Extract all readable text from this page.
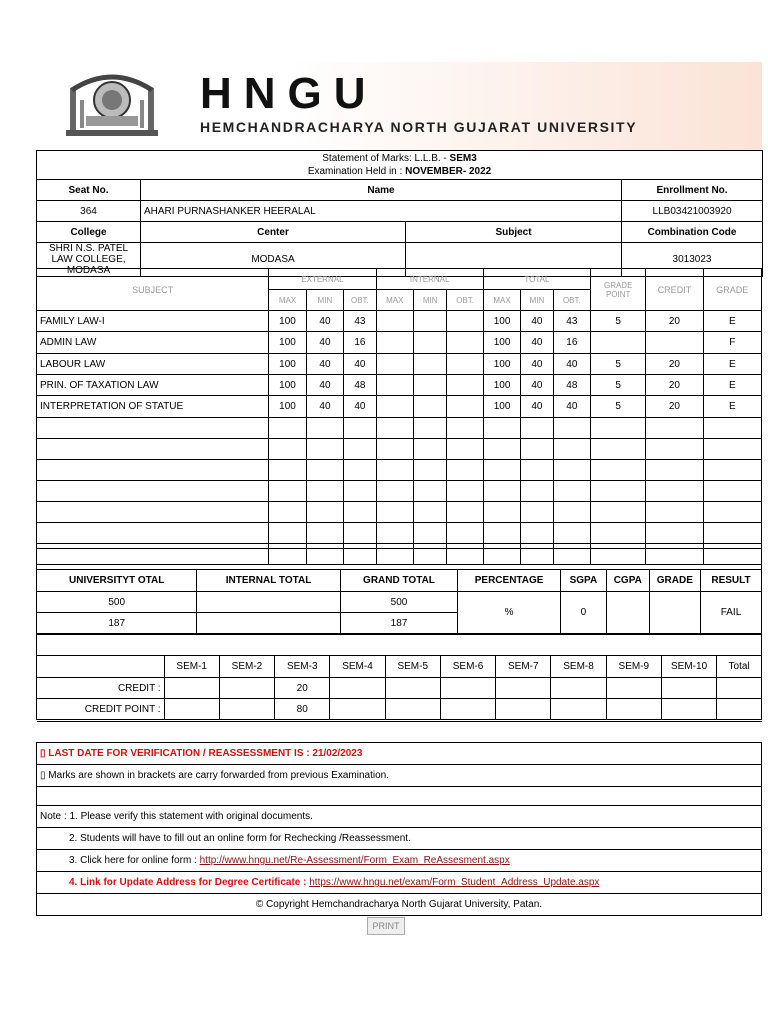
HNGU
HEMCHANDRACHARYA NORTH GUJARAT UNIVERSITY
Statement of Marks: L.L.B. - SEM3
Examination Held in : NOVEMBER- 2022			
Seat No.	Name		Enrollment No.
364	AHARI PURNASHANKER HEERALAL		LLB03421003920
College	Center	Subject	Combination Code
SHRI N.S. PATEL LAW COLLEGE, MODASA	MODASA		3013023
SUBJECT	EXTERNAL			INTERNAL			TOTAL			GRADE POINT	CREDIT	GRADE
	MAX	MIN	OBT.	MAX	MIN	OBT.	MAX	MIN	OBT.			
FAMILY LAW-I	100	40	43				100	40	43	5	20	E
ADMIN LAW	100	40	16				100	40	16			F
LABOUR LAW	100	40	40				100	40	40	5	20	E
PRIN. OF TAXATION LAW	100	40	48				100	40	48	5	20	E
INTERPRETATION OF STATUE	100	40	40				100	40	40	5	20	E

UNIVERSITYT OTAL	INTERNAL TOTAL	GRAND TOTAL	PERCENTAGE	SGPA	CGPA	GRADE	RESULT
500		500	%	0			FAIL
187		187					
	SEM-1	SEM-2	SEM-3	SEM-4	SEM-5	SEM-6	SEM-7	SEM-8	SEM-9	SEM-10	Total
CREDIT :			20								
CREDIT POINT :			80								

▯ LAST DATE FOR VERIFICATION / REASSESSMENT IS : 21/02/2023
▯ Marks are shown in brackets are carry forwarded from previous Examination.

Note : 1. Please verify this statement with original documents.
2. Students will have to fill out an online form for Rechecking /Reassessment.
3. Click here for online form : http://www.hngu.net/Re-Assessment/Form_Exam_ReAssesment.aspx
4. Link for Update Address for Degree Certificate : https://www.hngu.net/exam/Form_Student_Address_Update.aspx
© Copyright Hemchandracharya North Gujarat University, Patan.
PRINT
